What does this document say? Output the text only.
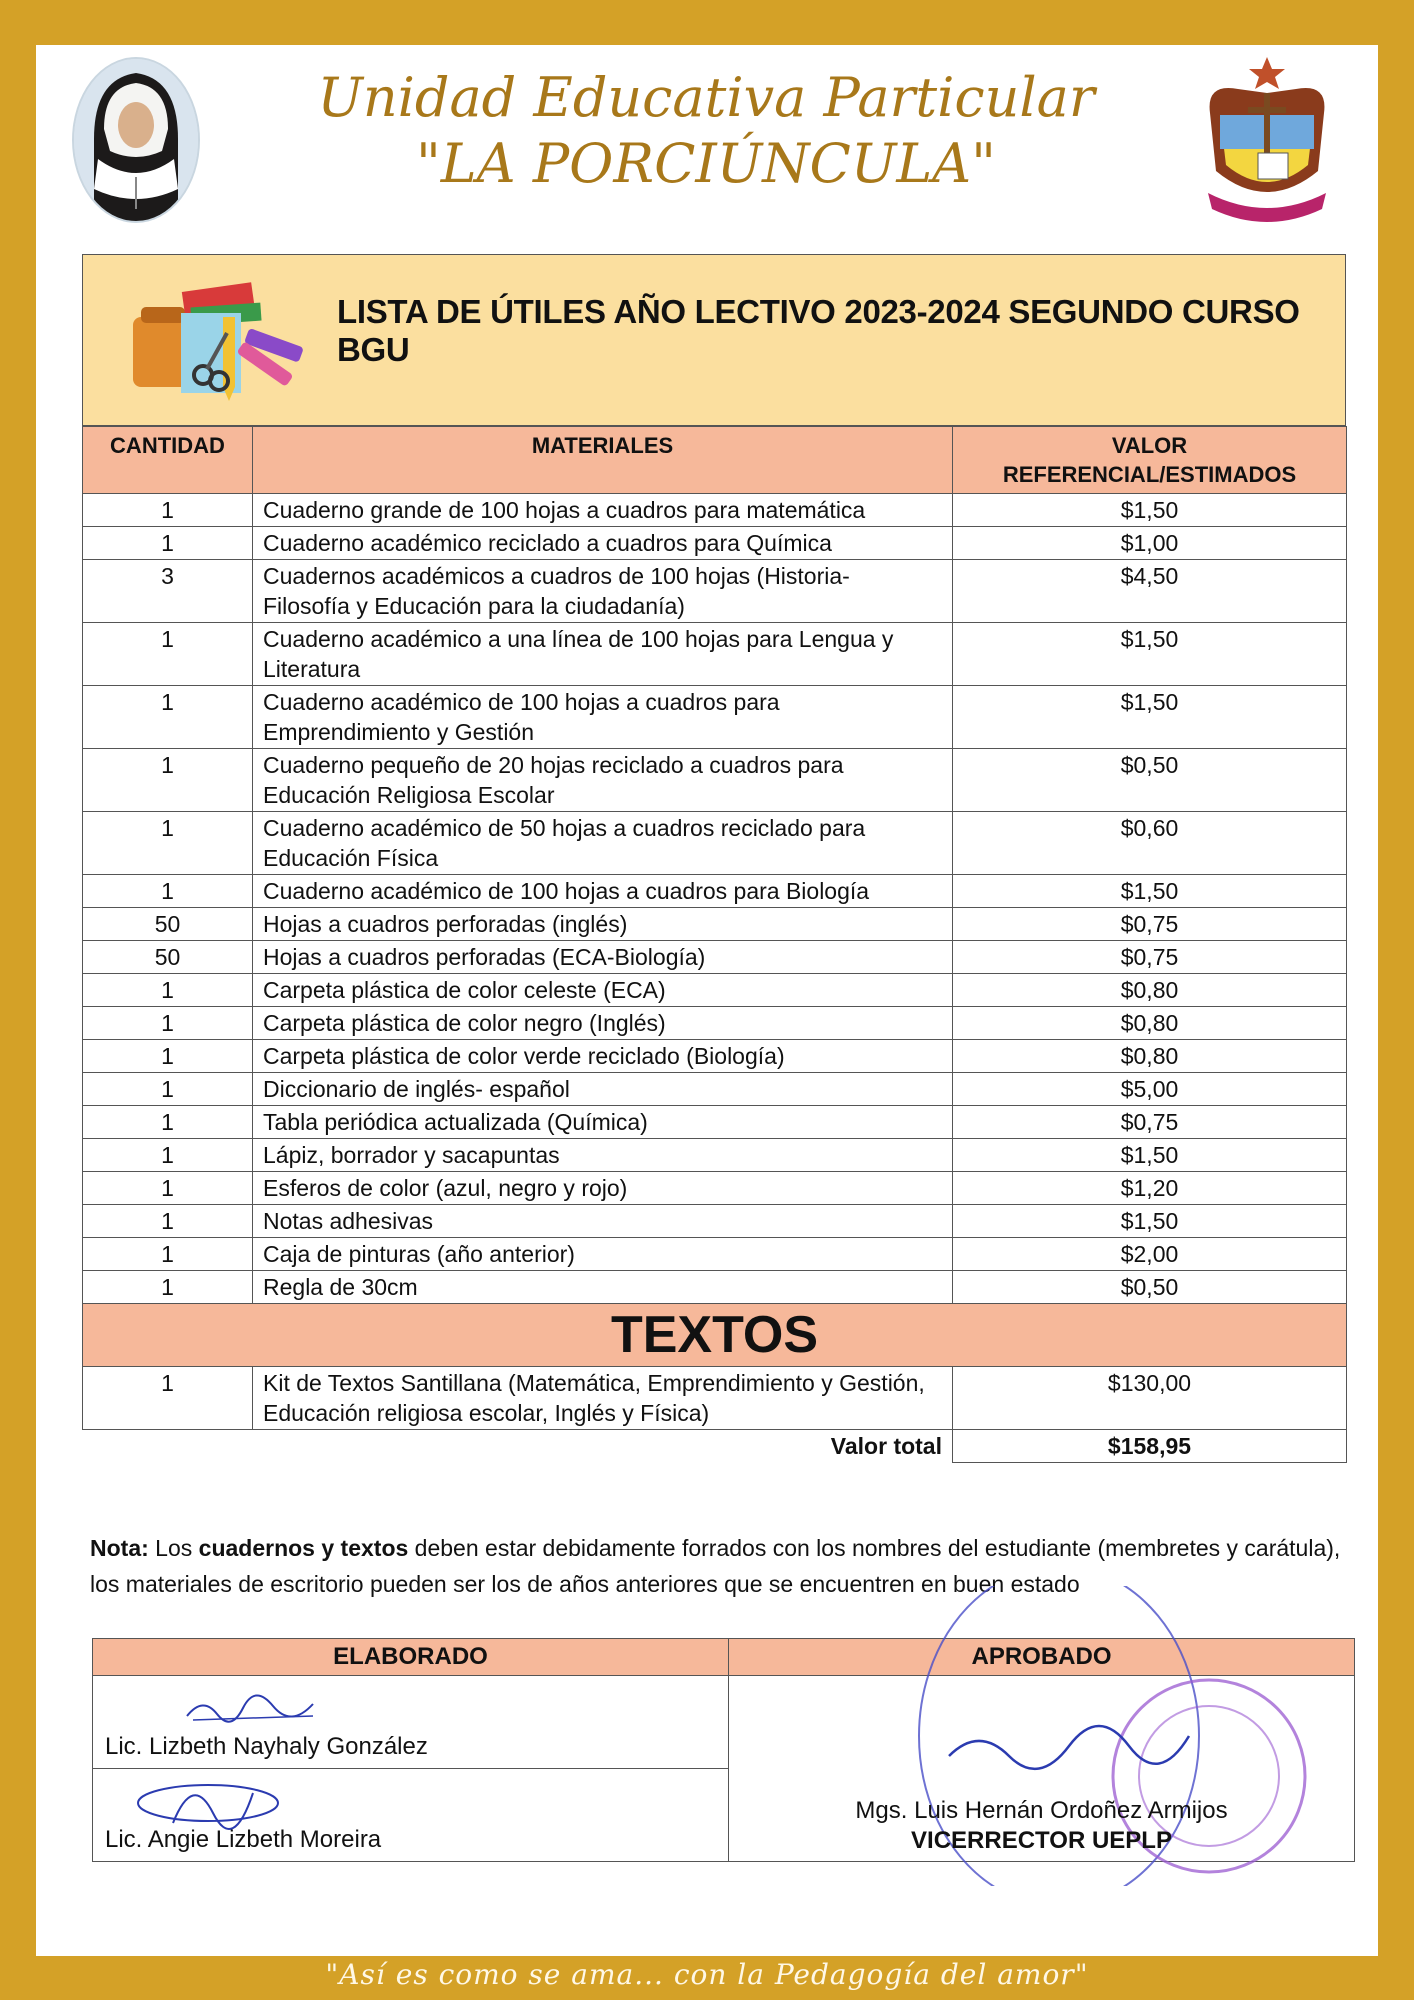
Unidad Educativa Particular
"LA PORCIÚNCULA"
LISTA DE ÚTILES AÑO LECTIVO 2023-2024 SEGUNDO CURSO BGU
CANTIDAD	MATERIALES	VALOR
REFERENCIAL/ESTIMADOS

1	Cuaderno grande de 100 hojas a cuadros para matemática	$1,50
1	Cuaderno académico reciclado a cuadros para Química	$1,00
3	Cuadernos académicos a cuadros de 100 hojas (Historia- Filosofía y Educación para la ciudadanía)	$4,50
1	Cuaderno académico a una línea de 100 hojas para Lengua y Literatura	$1,50
1	Cuaderno académico de 100 hojas a cuadros para Emprendimiento y Gestión	$1,50
1	Cuaderno pequeño de 20 hojas reciclado a cuadros para Educación Religiosa Escolar	$0,50
1	Cuaderno académico de 50 hojas a cuadros reciclado para Educación Física	$0,60
1	Cuaderno académico de 100 hojas a cuadros para Biología	$1,50
50	Hojas a cuadros perforadas (inglés)	$0,75
50	Hojas a cuadros perforadas (ECA-Biología)	$0,75
1	Carpeta plástica de color celeste (ECA)	$0,80
1	Carpeta plástica de color negro (Inglés)	$0,80
1	Carpeta plástica de color verde reciclado (Biología)	$0,80
1	Diccionario de inglés- español	$5,00
1	Tabla periódica actualizada (Química)	$0,75
1	Lápiz, borrador y sacapuntas	$1,50
1	Esferos de color (azul, negro y rojo)	$1,20
1	Notas adhesivas	$1,50
1	Caja de pinturas (año anterior)	$2,00
1	Regla de 30cm	$0,50
TEXTOS		
1	Kit de Textos Santillana (Matemática, Emprendimiento y Gestión, Educación religiosa escolar, Inglés y Física)	$130,00
Valor total		$158,95
Nota: Los cuadernos y textos deben estar debidamente forrados con los nombres del estudiante (membretes y carátula), los materiales de escritorio pueden ser los de años anteriores que se encuentren en buen estado
ELABORADO	APROBADO

Lic. Lizbeth Nayhaly González	Mgs. Luis Hernán Ordoñez Armijos
VICERRECTOR UEPLP

Lic. Angie Lizbeth Moreira	
"Así es como se ama... con la Pedagogía del amor"
